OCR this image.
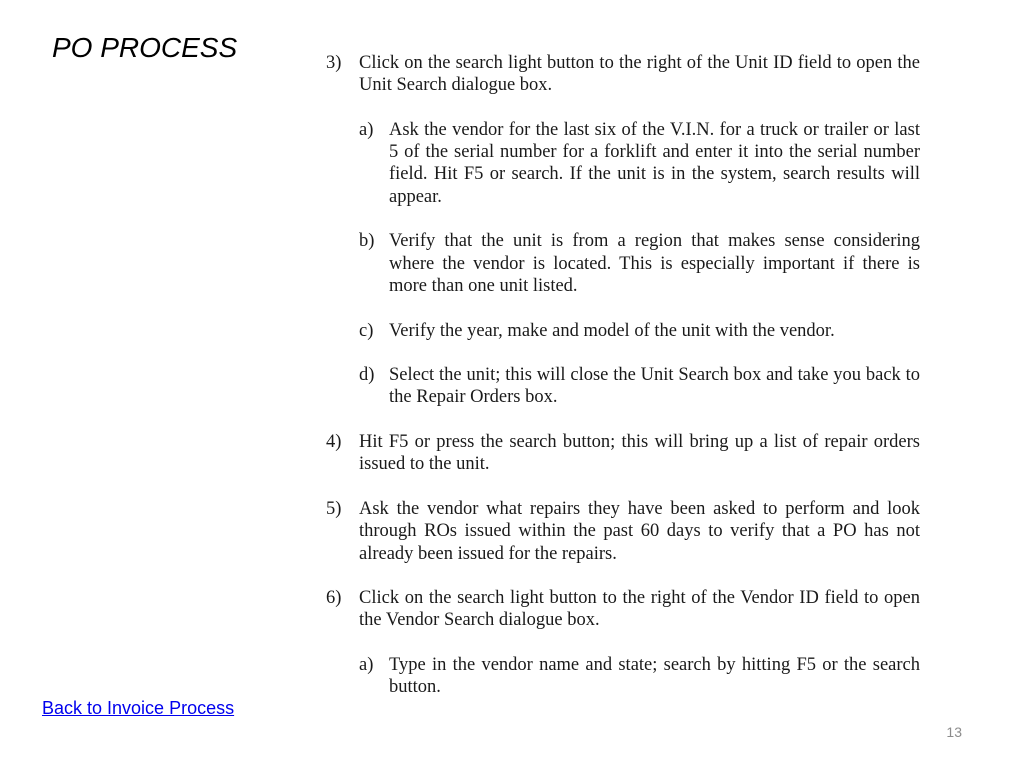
PO PROCESS	3) Click on the search light button to the right of the Unit ID field to open the Unit Search dialogue box.
a) Ask the vendor for the last six of the V.I.N. for a truck or trailer or last 5 of the serial number for a forklift and enter it into the serial number field. Hit F5 or search. If the unit is in the system, search results will appear.
b) Verify that the unit is from a region that makes sense considering where the vendor is located. This is especially important if there is more than one unit listed.
c) Verify the year, make and model of the unit with the vendor.
d) Select the unit; this will close the Unit Search box and take you back to the Repair Orders box.
4) Hit F5 or press the search button; this will bring up a list of repair orders issued to the unit.
5) Ask the vendor what repairs they have been asked to perform and look through ROs issued within the past 60 days to verify that a PO has not already been issued for the repairs.
6) Click on the search light button to the right of the Vendor ID field to open the Vendor Search dialogue box.
a) Type in the vendor name and state; search by hitting F5 or the search button.
Back to Invoice Process
13
